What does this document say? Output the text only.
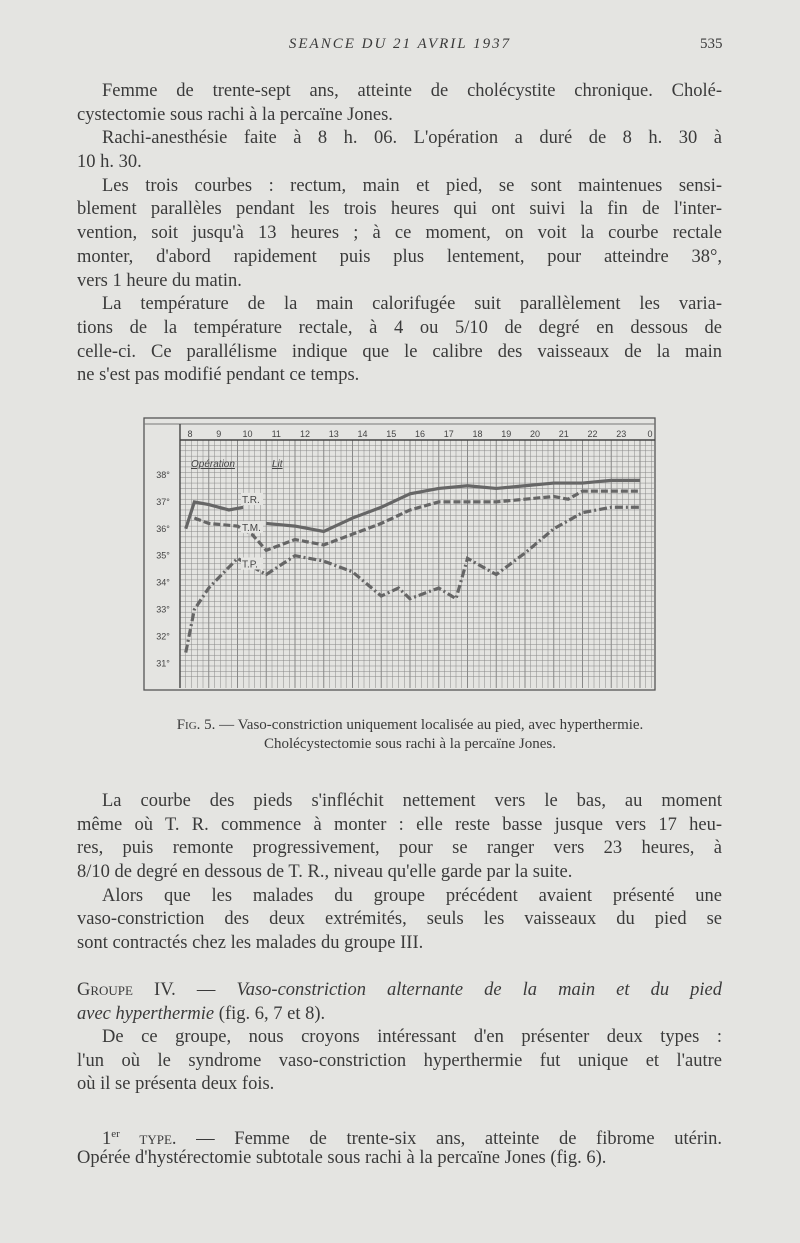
SEANCE DU 21 AVRIL 1937	535
Femme de trente-sept ans, atteinte de cholécystite chronique. Cholé-
cystectomie sous rachi à la percaïne Jones.
Rachi-anesthésie faite à 8 h. 06. L'opération a duré de 8 h. 30 à
10 h. 30.
Les trois courbes : rectum, main et pied, se sont maintenues sensi-
blement parallèles pendant les trois heures qui ont suivi la fin de l'inter-
vention, soit jusqu'à 13 heures ; à ce moment, on voit la courbe rectale
monter, d'abord rapidement puis plus lentement, pour atteindre 38°,
vers 1 heure du matin.
La température de la main calorifugée suit parallèlement les varia-
tions de la température rectale, à 4 ou 5/10 de degré en dessous de
celle-ci. Ce parallélisme indique que le calibre des vaisseaux de la main
ne s'est pas modifié pendant ce temps.
8	9 10 11 12 13 14 15 16 17 18 19 20 21 22 23 0
38°
37°
36°
35°
34°
33°
32°
31°
Opération	Lit
T.R.
T.M.
T.P.
Fig. 5. — Vaso-constriction uniquement localisée au pied, avec hyperthermie.
Cholécystectomie sous rachi à la percaïne Jones.
La courbe des pieds s'infléchit nettement vers le bas, au moment
même où T. R. commence à monter : elle reste basse jusque vers 17 heu-
res, puis remonte progressivement, pour se ranger vers 23 heures, à
8/10 de degré en dessous de T. R., niveau qu'elle garde par la suite.
Alors que les malades du groupe précédent avaient présenté une
vaso-constriction des deux extrémités, seuls les vaisseaux du pied se
sont contractés chez les malades du groupe III.
Groupe IV. — Vaso-constriction alternante de la main et du pied
avec hyperthermie (fig. 6, 7 et 8).
De ce groupe, nous croyons intéressant d'en présenter deux types :
l'un où le syndrome vaso-constriction hyperthermie fut unique et l'autre
où il se présenta deux fois.
1er type. — Femme de trente-six ans, atteinte de fibrome utérin.
Opérée d'hystérectomie subtotale sous rachi à la percaïne Jones (fig. 6).
